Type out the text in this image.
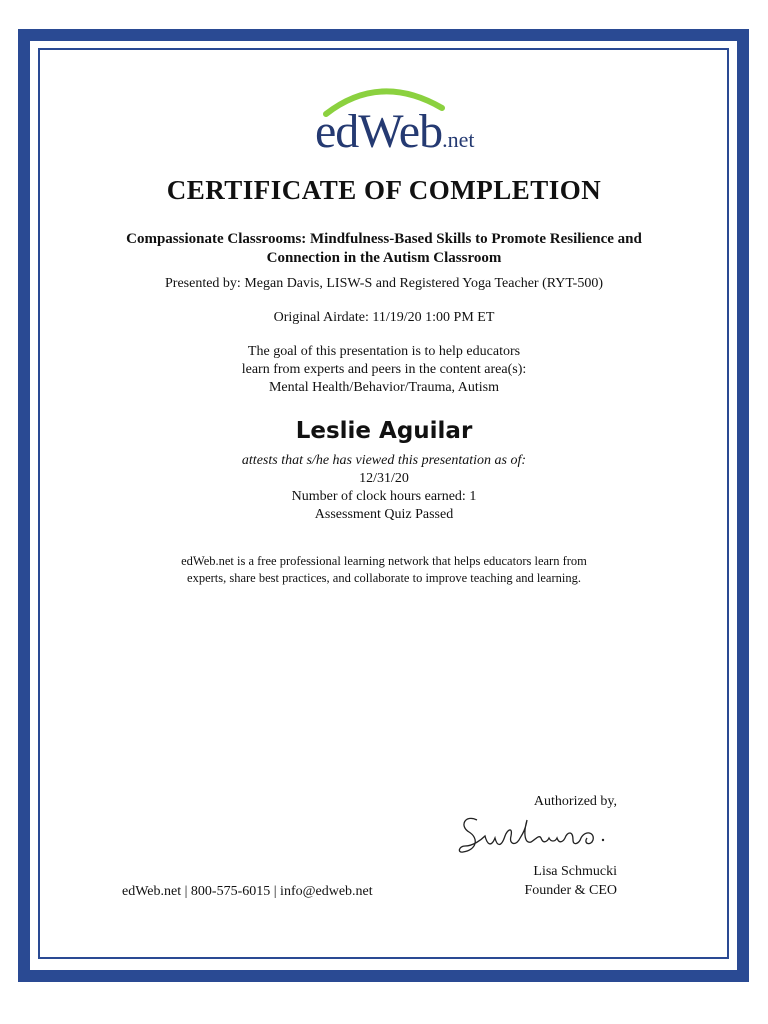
edWeb.net
CERTIFICATE OF COMPLETION
Compassionate Classrooms: Mindfulness-Based Skills to Promote Resilience and
Connection in the Autism Classroom
Presented by: Megan Davis, LISW-S and Registered Yoga Teacher (RYT-500)
Original Airdate: 11/19/20 1:00 PM ET
The goal of this presentation is to help educators
learn from experts and peers in the content area(s):
Mental Health/Behavior/Trauma, Autism
Leslie Aguilar
attests that s/he has viewed this presentation as of:
12/31/20
Number of clock hours earned: 1
Assessment Quiz Passed
edWeb.net is a free professional learning network that helps educators learn from
experts, share best practices, and collaborate to improve teaching and learning.
Authorized by,
Lisa Schmucki
Founder & CEO
edWeb.net | 800-575-6015 | info@edweb.net
